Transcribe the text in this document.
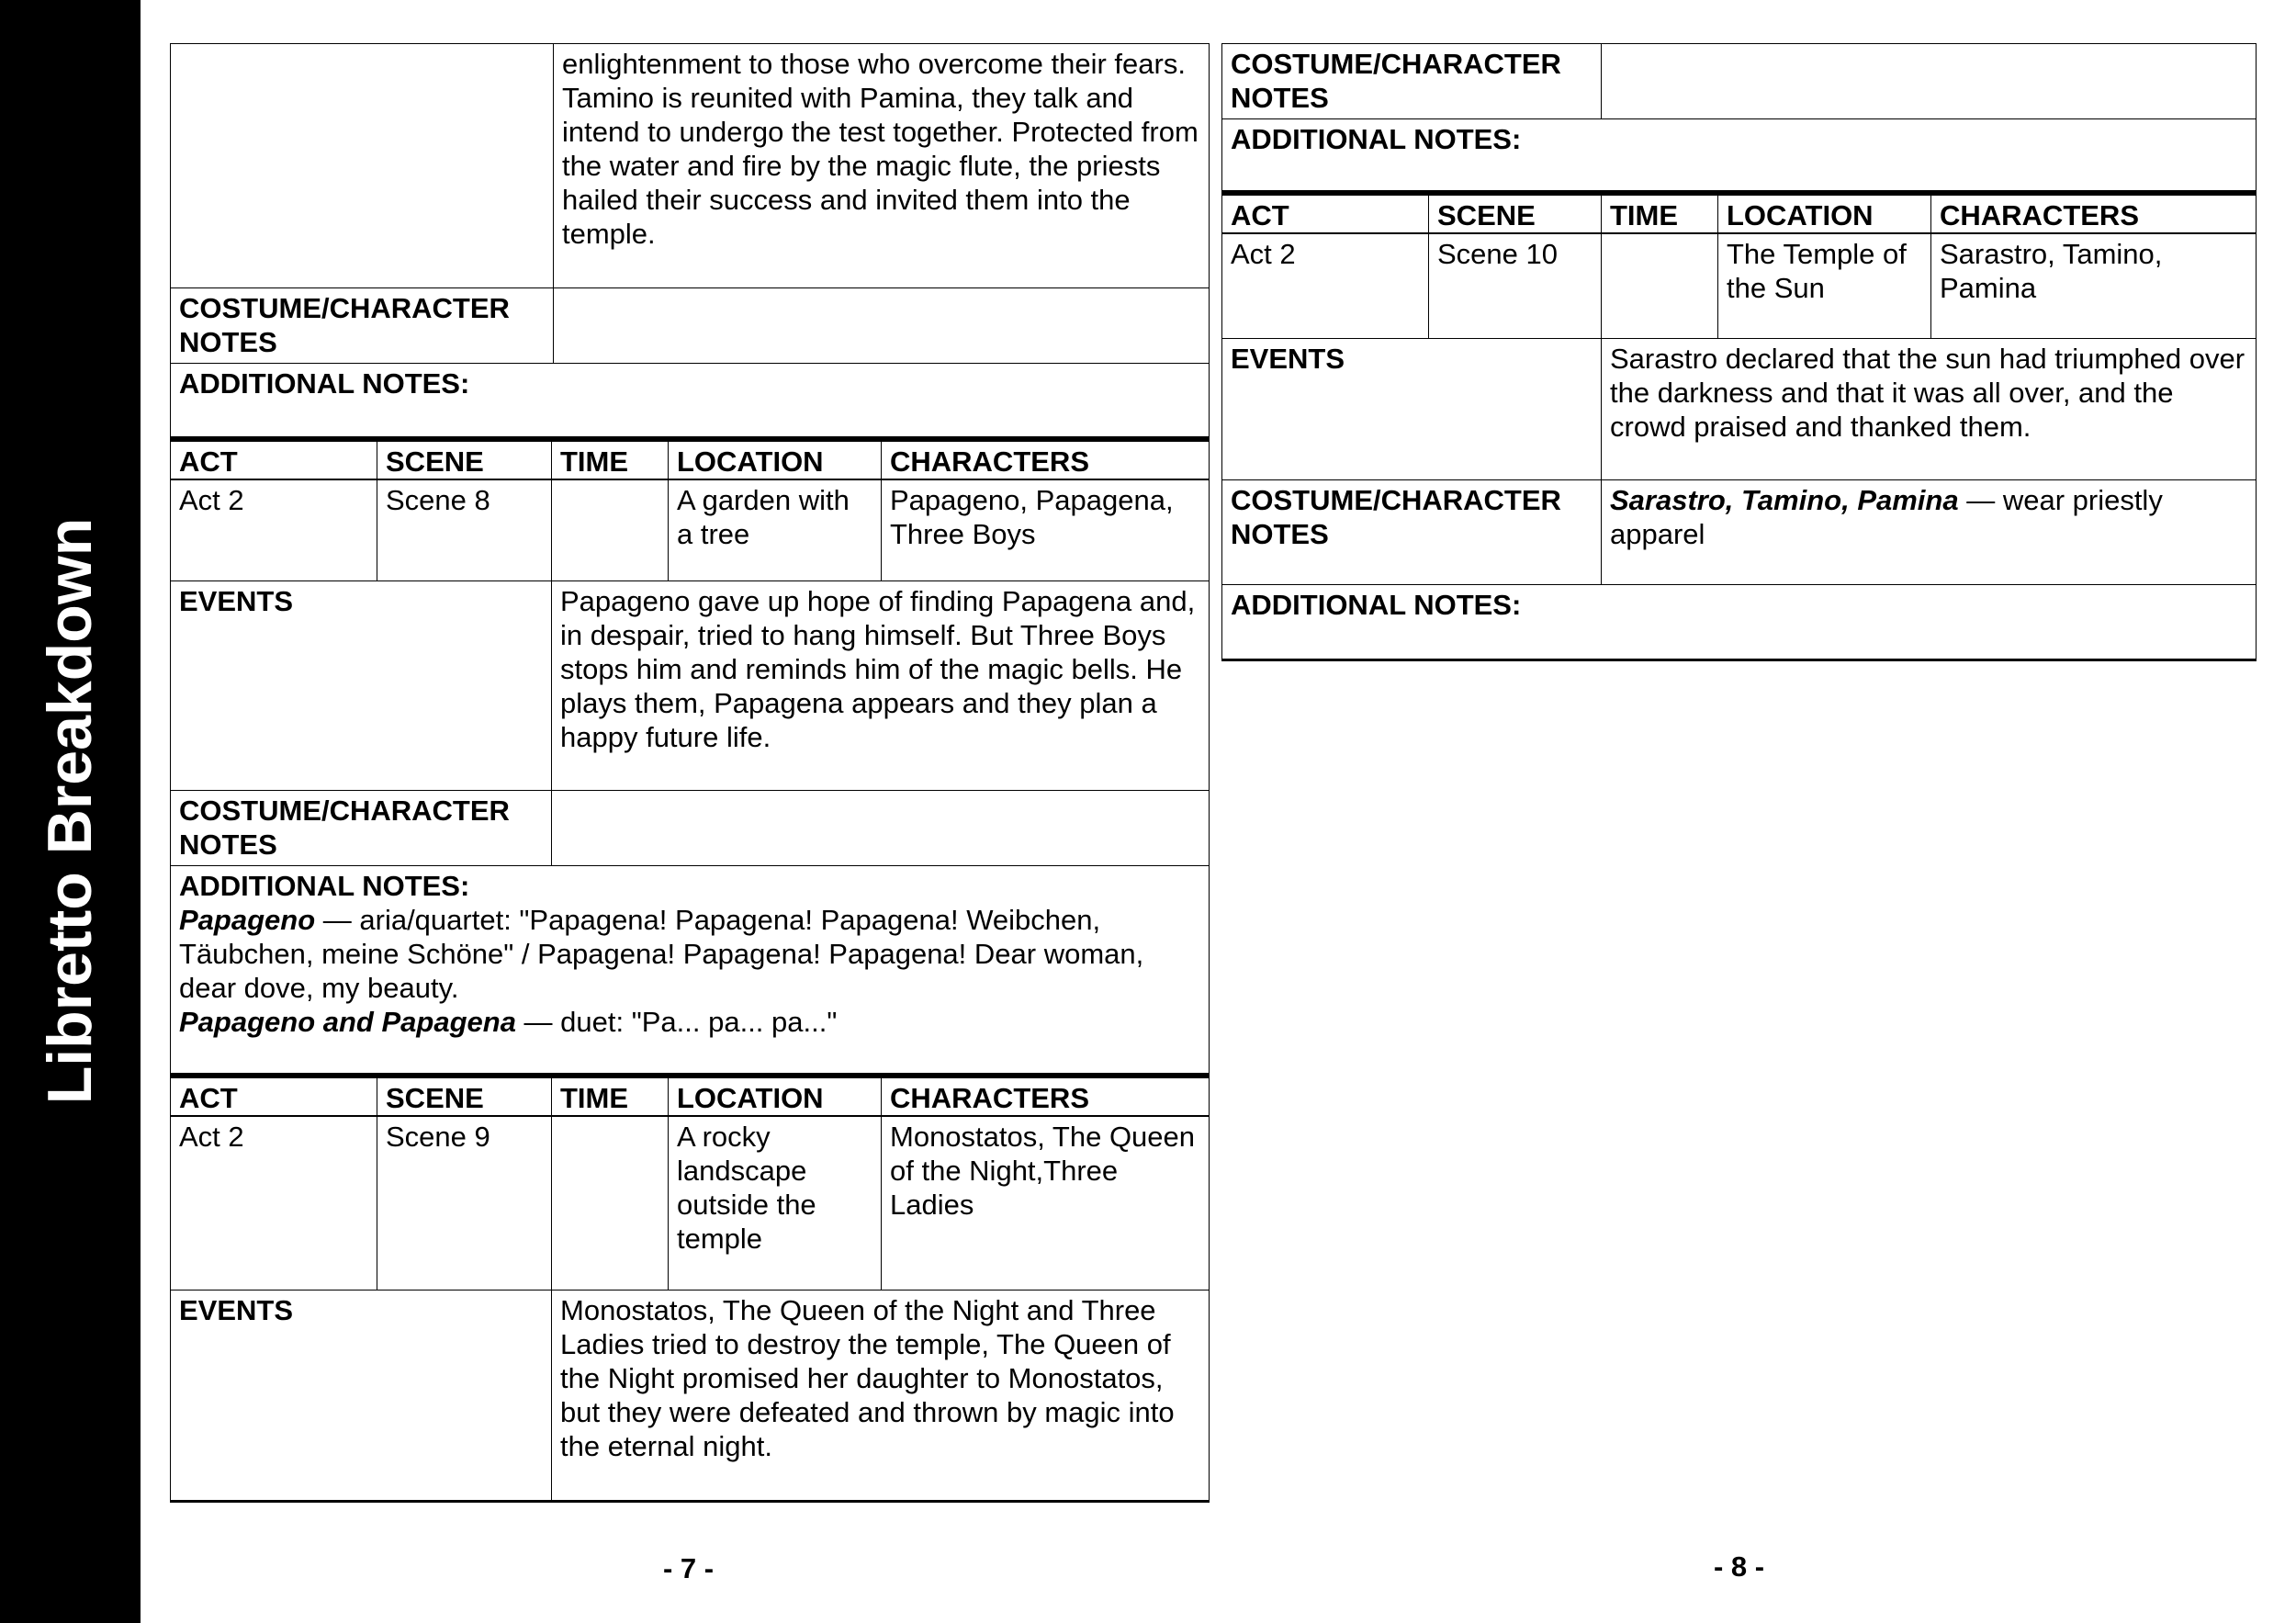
Libretto Breakdown
	enlightenment to those who overcome their fears. Tamino is reunited with Pamina, they talk and intend to undergo the test together. Protected from the water and fire by the magic flute, the priests hailed their success and invited them into the temple.
COSTUME/CHARACTER NOTES	
ADDITIONAL NOTES:	
ACT	SCENE	TIME	LOCATION	CHARACTERS
Act 2	Scene 8		A garden with a tree	Papageno, Papagena, Three Boys
EVENTS		Papageno gave up hope of finding Papagena and, in despair, tried to hang himself. But Three Boys stops him and reminds him of the magic bells. He plays them, Papagena appears and they plan a happy future life.		
COSTUME/CHARACTER NOTES				

ADDITIONAL NOTES:
Papageno — aria/quartet: "Papagena! Papagena! Papagena! Weibchen, Täubchen, meine Schöne" / Papagena! Papagena! Papagena! Dear woman, dear dove, my beauty.
Papageno and Papagena — duet: "Pa... pa... pa..."				
ACT	SCENE	TIME	LOCATION	CHARACTERS
Act 2	Scene 9		A rocky landscape outside the temple	Monostatos, The Queen of the Night,Three Ladies
EVENTS		Monostatos, The Queen of the Night and Three Ladies tried to destroy the temple, The Queen of the Night promised her daughter to Monostatos, but they were defeated and thrown by magic into the eternal night.		
- 7 -
COSTUME/CHARACTER NOTES	
ADDITIONAL NOTES:
ACT	SCENE	TIME	LOCATION	CHARACTERS
Act 2	Scene 10		The Temple of the Sun	Sarastro, Tamino, Pamina
EVENTS		Sarastro declared that the sun had triumphed over the darkness and that it was all over, and the crowd praised and thanked them.		
COSTUME/CHARACTER NOTES		Sarastro, Tamino, Pamina — wear priestly apparel		
ADDITIONAL NOTES:				
- 8 -
